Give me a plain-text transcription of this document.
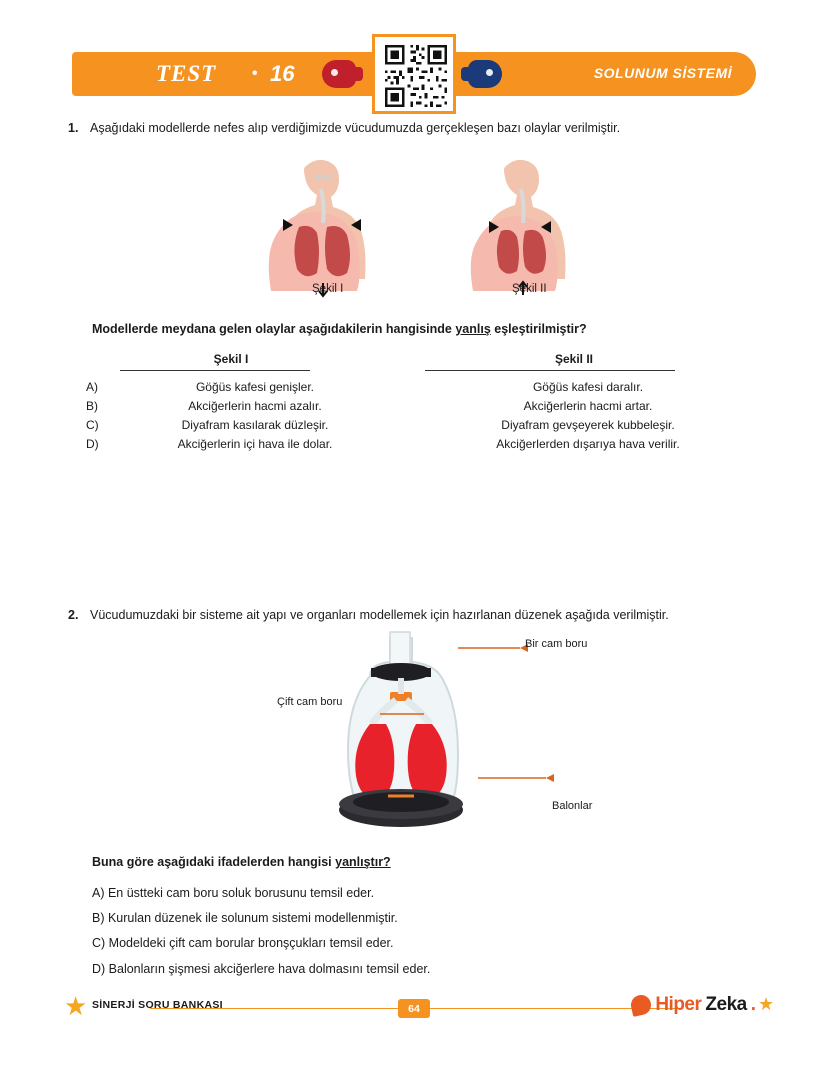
TEST 16
•	SOLUNUM SİSTEMİ
1. Aşağıdaki modellerde nefes alıp verdiğimizde vücudumuzda gerçekleşen bazı olaylar verilmiştir.
Şekil I	Şekil II
Modellerde meydana gelen olaylar aşağıdakilerin hangisinde yanlış eşleştirilmiştir?
Şekil I	Şekil II
A)	Göğüs kafesi genişler.	Göğüs kafesi daralır.
B)	Akciğerlerin hacmi azalır.	Akciğerlerin hacmi artar.
C)	Diyafram kasılarak düzleşir.	Diyafram gevşeyerek kubbeleşir.
D)	Akciğerlerin içi hava ile dolar.	Akciğerlerden dışarıya hava verilir.
2. Vücudumuzdaki bir sisteme ait yapı ve organları modellemek için hazırlanan düzenek aşağıda verilmiştir.
Bir cam boru
Çift cam boru
Balonlar
Buna göre aşağıdaki ifadelerden hangisi yanlıştır?
A) En üstteki cam boru soluk borusunu temsil eder.
B) Kurulan düzenek ile solunum sistemi modellenmiştir.
C) Modeldeki çift cam borular bronşçukları temsil eder.
D) Balonların şişmesi akciğerlere hava dolmasını temsil eder.
★	★
SİNERJİ SORU BANKASI	64	Hiper Zeka .
